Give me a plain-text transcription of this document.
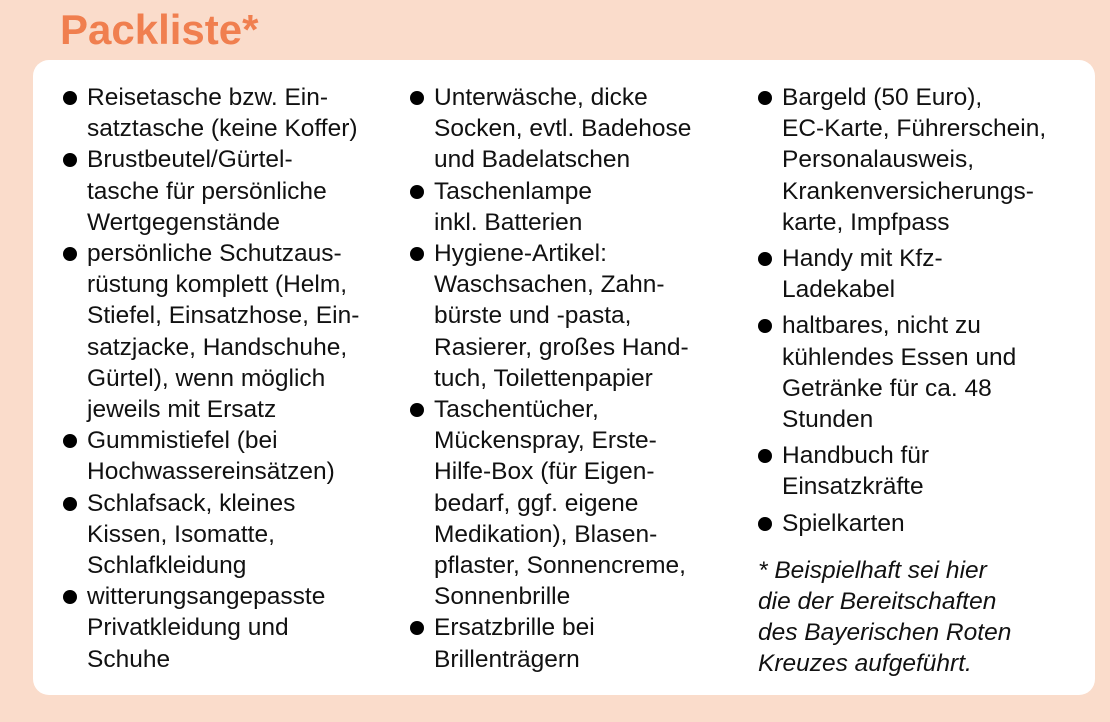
Packliste*
Reisetasche bzw. Ein-
satztasche (keine Koffer)
Brustbeutel/Gürtel-
tasche für persönliche
Wertgegenstände
persönliche Schutzaus-
rüstung komplett (Helm,
Stiefel, Einsatzhose, Ein-
satzjacke, Handschuhe,
Gürtel), wenn möglich
jeweils mit Ersatz
Gummistiefel (bei
Hochwassereinsätzen)
Schlafsack, kleines
Kissen, Isomatte,
Schlafkleidung
witterungsangepasste
Privatkleidung und
Schuhe
Unterwäsche, dicke
Socken, evtl. Badehose
und Badelatschen
Taschenlampe
inkl. Batterien
Hygiene-Artikel:
Waschsachen, Zahn-
bürste und -pasta,
Rasierer, großes Hand-
tuch, Toilettenpapier
Taschentücher,
Mückenspray, Erste-
Hilfe-Box (für Eigen-
bedarf, ggf. eigene
Medikation), Blasen-
pflaster, Sonnencreme,
Sonnenbrille
Ersatzbrille bei
Brillenträgern
Bargeld (50 Euro),
EC-Karte, Führerschein,
Personalausweis,
Krankenversicherungs-
karte, Impfpass
Handy mit Kfz-
Ladekabel
haltbares, nicht zu
kühlendes Essen und
Getränke für ca. 48
Stunden
Handbuch für
Einsatzkräfte
Spielkarten
* Beispielhaft sei hier
die der Bereitschaften
des Bayerischen Roten
Kreuzes aufgeführt.
